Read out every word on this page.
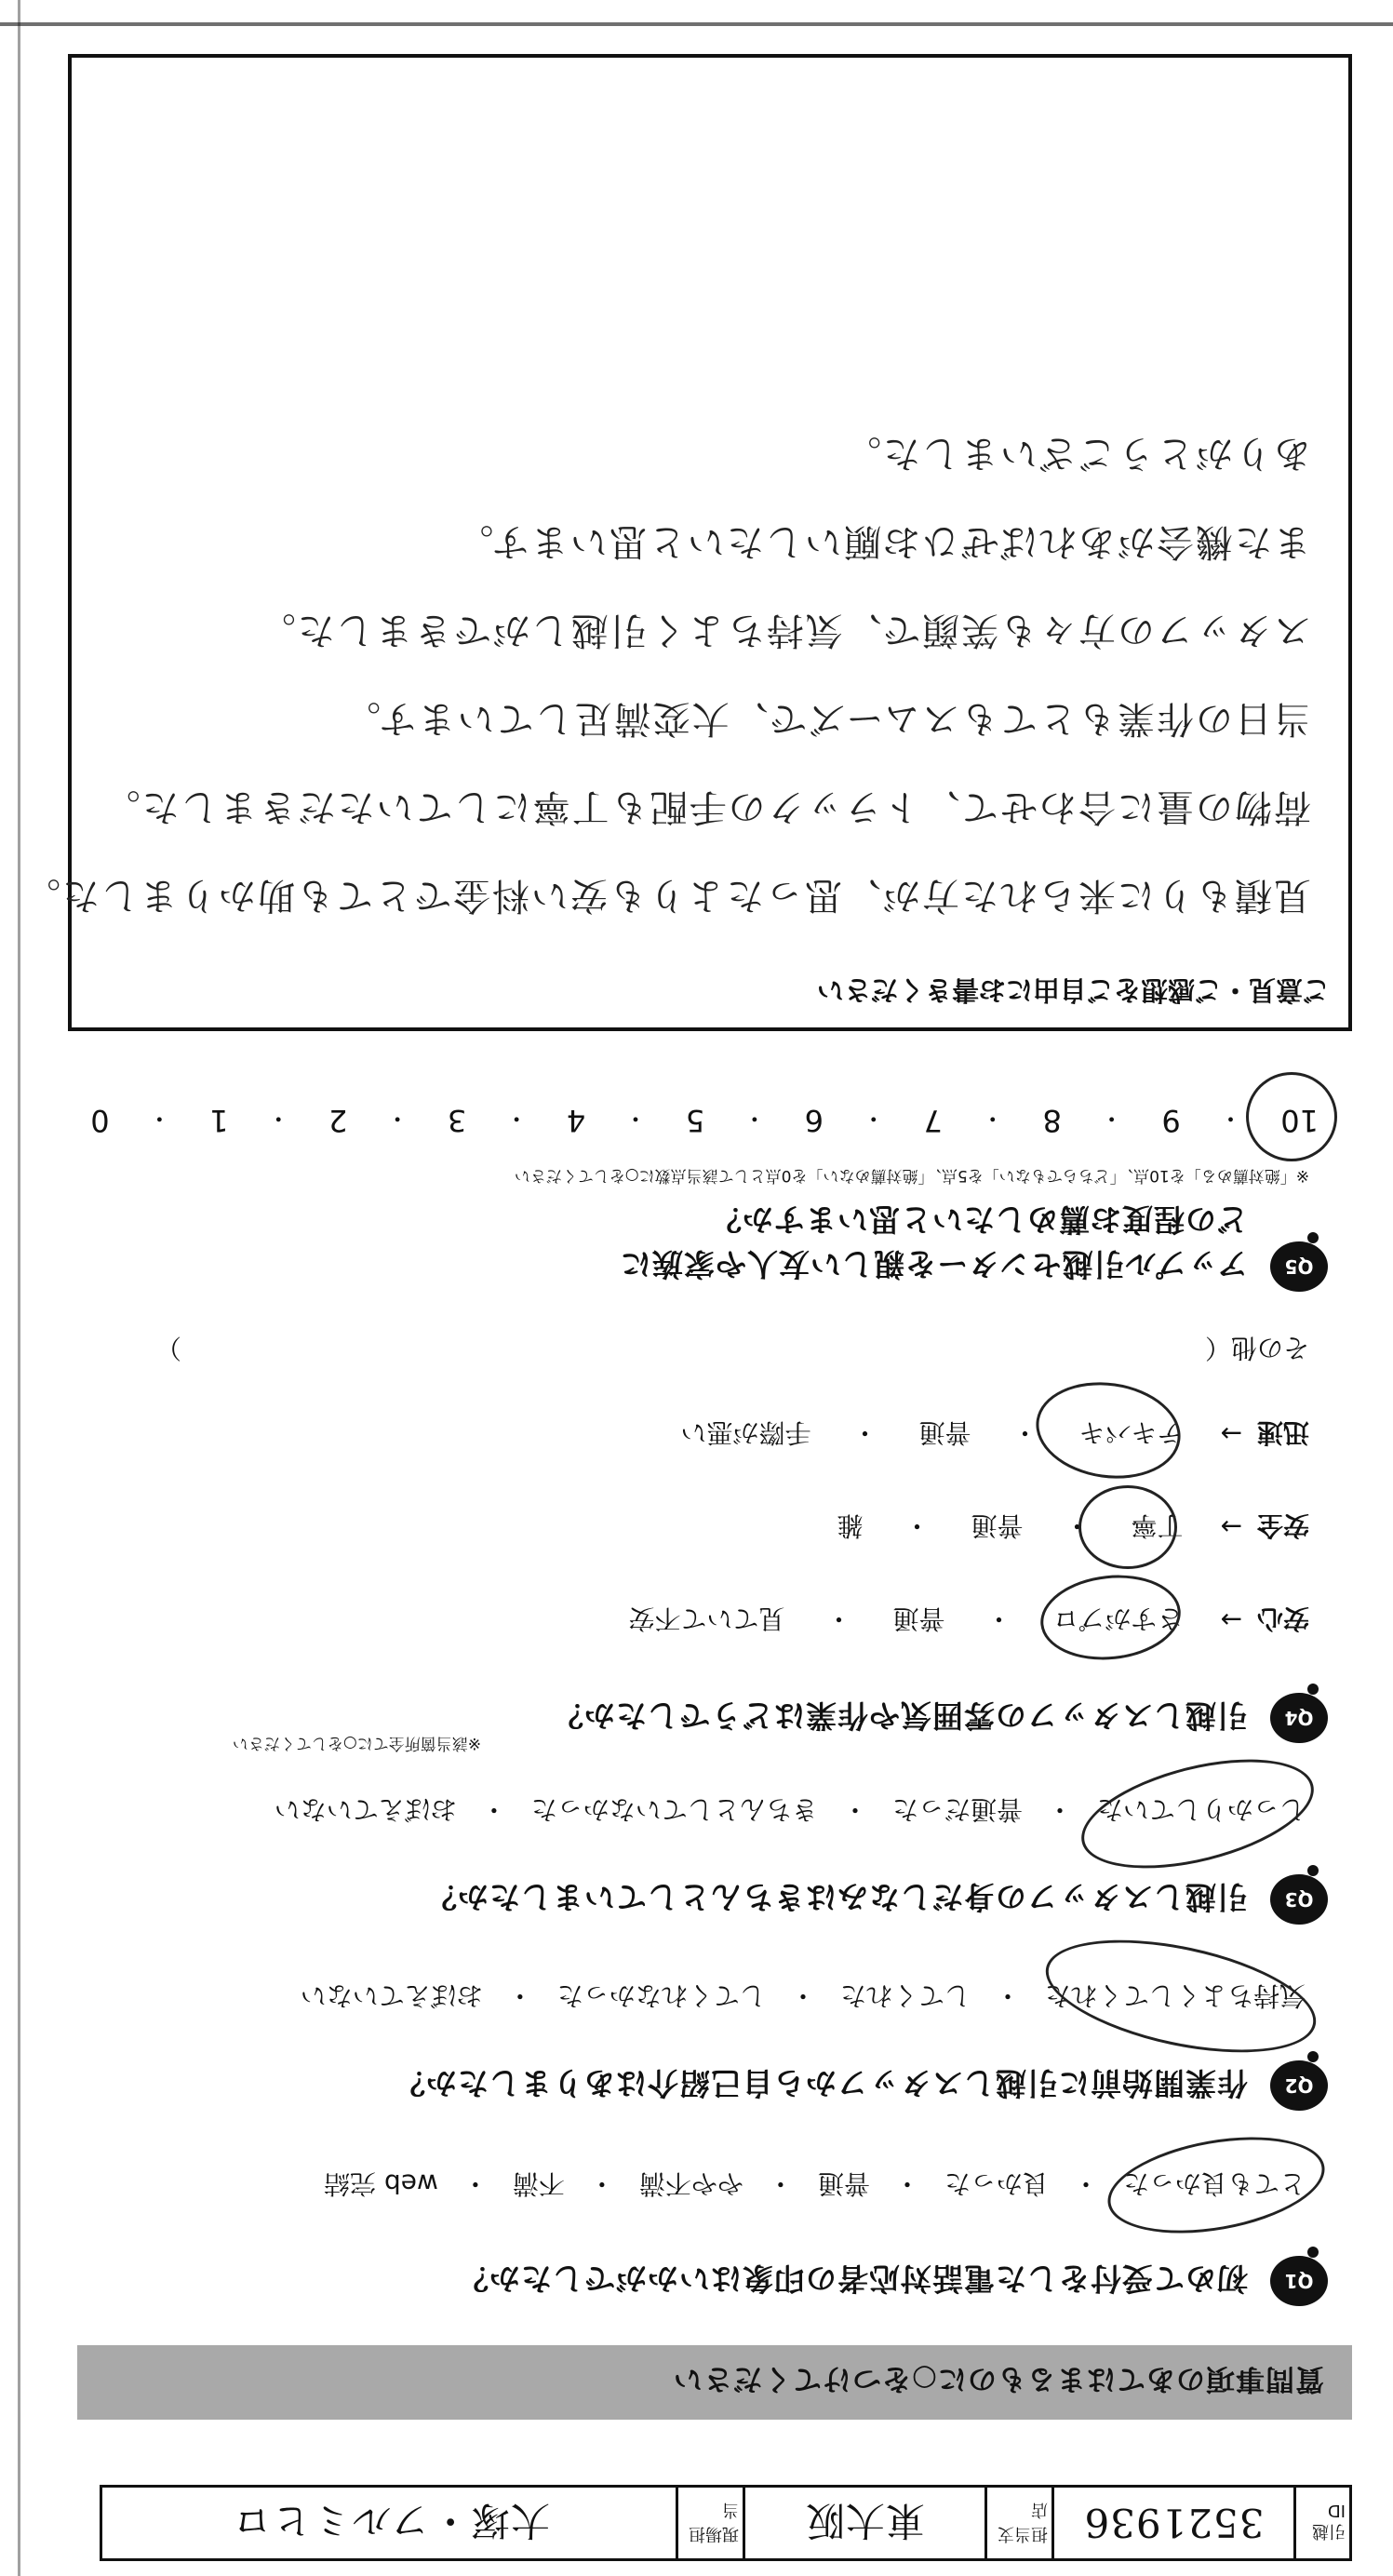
引越ID
3521936
担当支店
東大阪
現場担当
大塚・フルミヒロ
質問事項のあてはまるものに○をつけてください
Q1
初めて受付をした電話対応者の印象はいかがでしたか？
とても良かった
・
良かった
・
普通
・
やや不満
・
不満
・
web 完結
Q2
作業開始前に引越しスタッフから自己紹介はありましたか？
気持ちよくしてくれた
・
してくれた
・
してくれなかった
・
おぼえていない
Q3
引越しスタッフの身だしなみはきちんとしていましたか？
しっかりしていた
・
普通だった
・
きちんとしていなかった
・
おぼえていない
Q4
引越しスタッフの雰囲気や作業はどうでしたか？
※該当箇所全てに○をしてください
安心
→
さすがプロ
・
普通
・
見ていて不安
安全
→
丁寧
・
普通
・
雑
迅速
→
テキパキ
・
普通
・
手際が悪い
その他（
）
Q5
アップル引越センターを親しい友人や家族に
どの程度お薦めしたいと思いますか？
※「絶対薦める」を10点、「どちらでもない」を5点、「絶対薦めない」を0点として該当点数に○をしてください
10
・
9
・
8
・
7
・
6
・
5
・
4
・
3
・
2
・
1
・
0
ご意見・ご感想をご自由にお書きください
見積もりに来られた方が、思ったよりも安い料金でとても助かりました。
荷物の量に合わせて、トラックの手配も丁寧にしていただきました。
当日の作業もとてもスムーズで、大変満足しています。
スタッフの方々も笑顔で、気持ちよく引越しができました。
また機会があればぜひお願いしたいと思います。
ありがとうございました。
